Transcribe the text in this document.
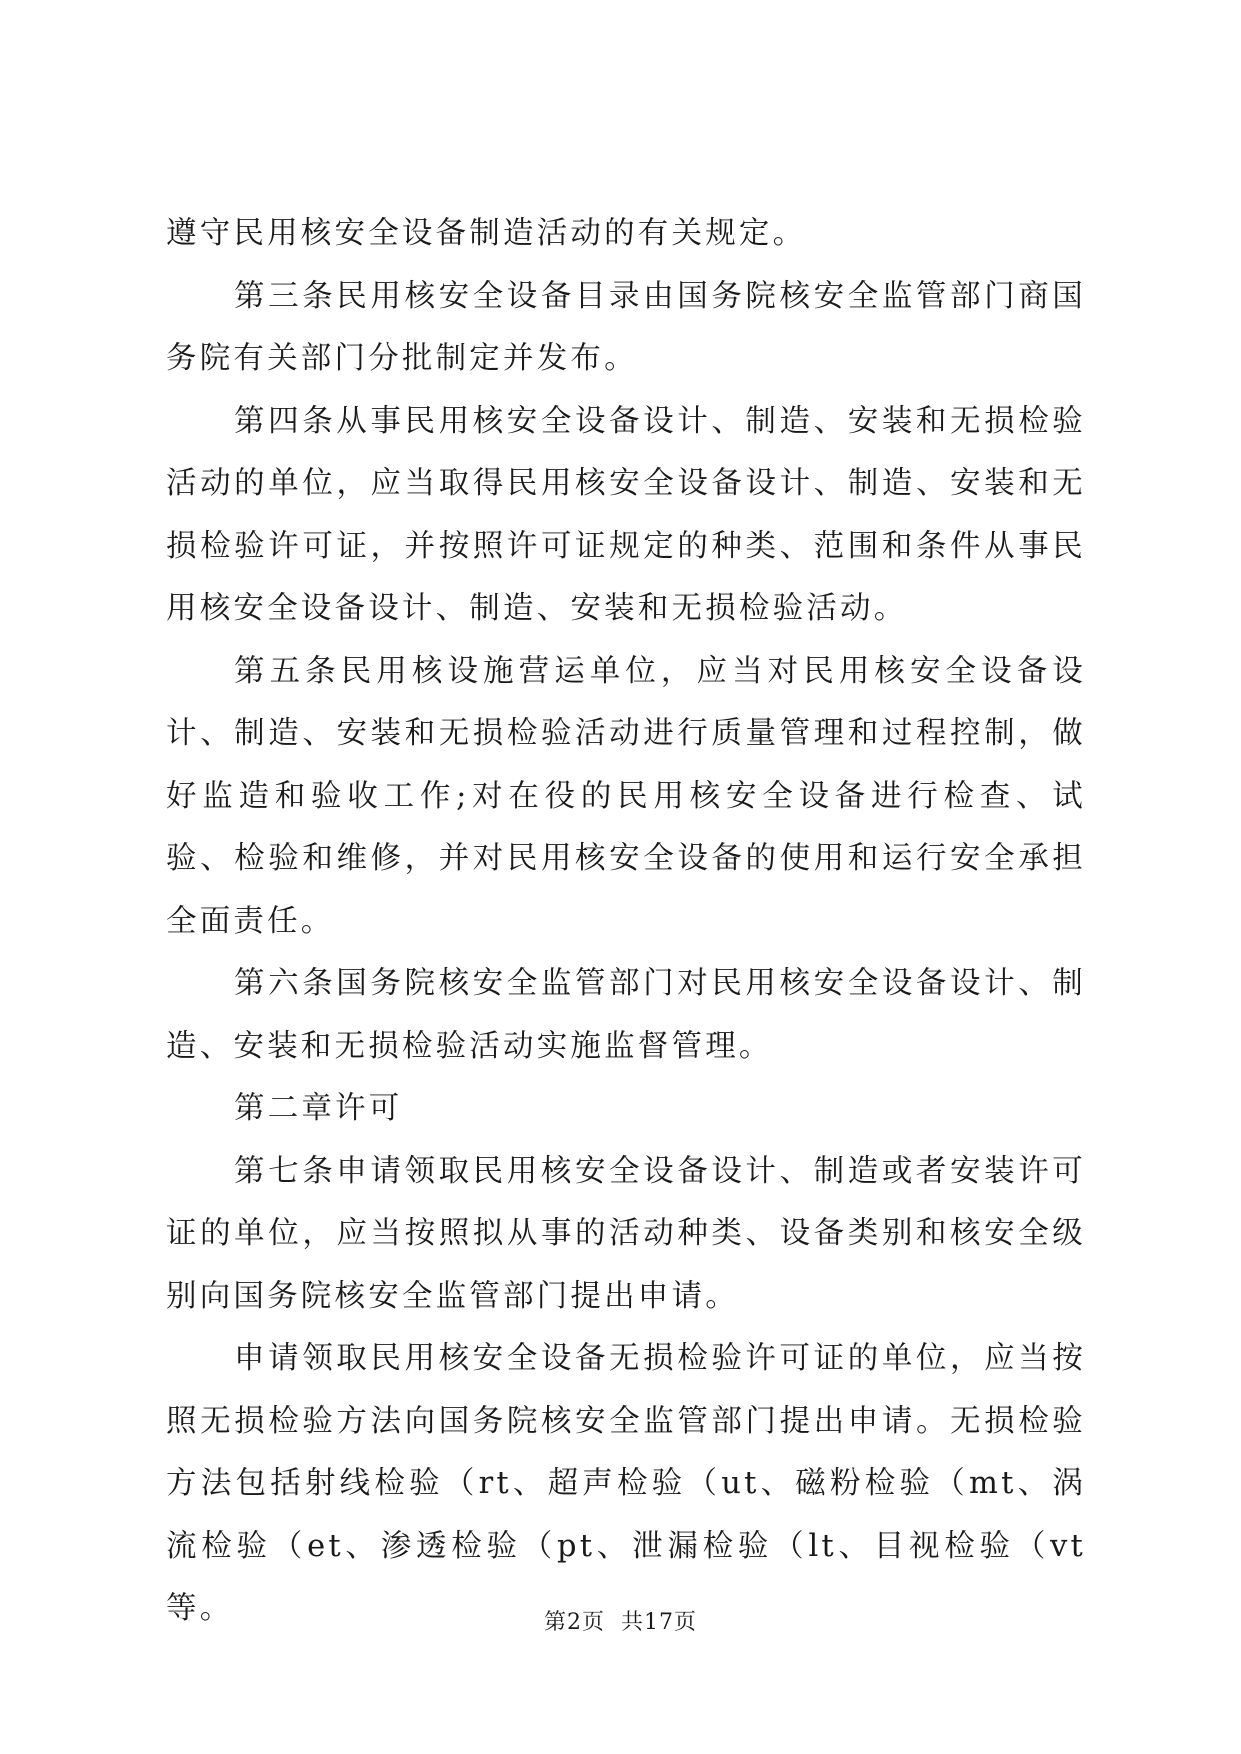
遵守民用核安全设备制造活动的有关规定。

第三条民用核安全设备目录由国务院核安全监管部门商国务院有关部门分批制定并发布。

第四条从事民用核安全设备设计、制造、安装和无损检验活动的单位，应当取得民用核安全设备设计、制造、安装和无损检验许可证，并按照许可证规定的种类、范围和条件从事民用核安全设备设计、制造、安装和无损检验活动。

第五条民用核设施营运单位，应当对民用核安全设备设计、制造、安装和无损检验活动进行质量管理和过程控制，做好监造和验收工作;对在役的民用核安全设备进行检查、试验、检验和维修，并对民用核安全设备的使用和运行安全承担全面责任。

第六条国务院核安全监管部门对民用核安全设备设计、制造、安装和无损检验活动实施监督管理。

第二章许可

第七条申请领取民用核安全设备设计、制造或者安装许可证的单位，应当按照拟从事的活动种类、设备类别和核安全级别向国务院核安全监管部门提出申请。

申请领取民用核安全设备无损检验许可证的单位，应当按照无损检验方法向国务院核安全监管部门提出申请。无损检验方法包括射线检验（rt、超声检验（ut、磁粉检验（mt、涡流检验（et、渗透检验（pt、泄漏检验（lt、目视检验（vt等。	第2页 共17页
